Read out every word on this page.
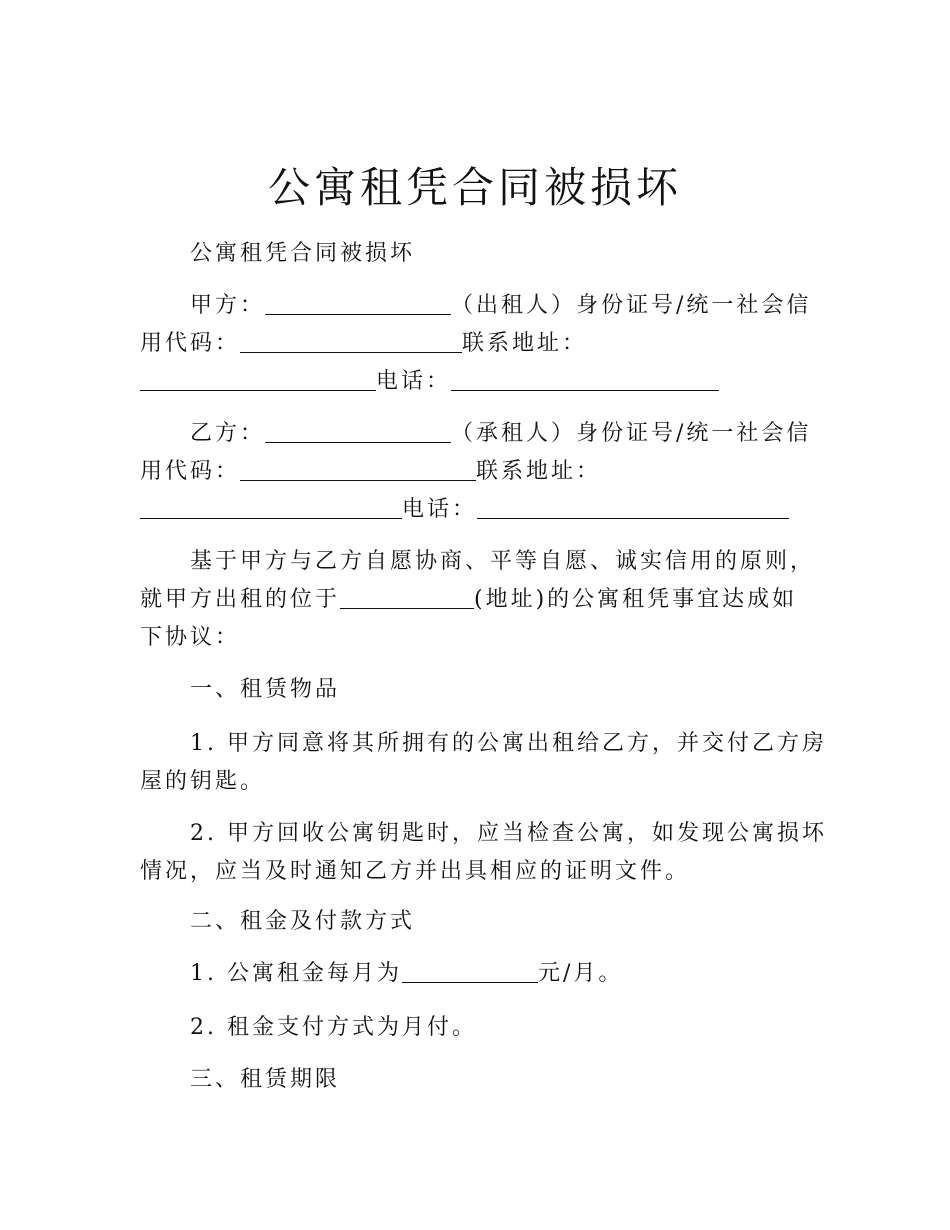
公寓租凭合同被损坏
公寓租凭合同被损坏
甲方：	（出租人）身份证号/统一社会信
用代码：	联系地址：
电话：
乙方：	（承租人）身份证号/统一社会信
用代码：	联系地址：
电话：
基于甲方与乙方自愿协商、平等自愿、诚实信用的原则，
就甲方出租的位于	(地址)的公寓租凭事宜达成如
下协议：
一、租赁物品
1. 甲方同意将其所拥有的公寓出租给乙方，并交付乙方房
屋的钥匙。
2. 甲方回收公寓钥匙时，应当检查公寓，如发现公寓损坏
情况，应当及时通知乙方并出具相应的证明文件。
二、租金及付款方式
1. 公寓租金每月为	元/月。
2. 租金支付方式为月付。
三、租赁期限
